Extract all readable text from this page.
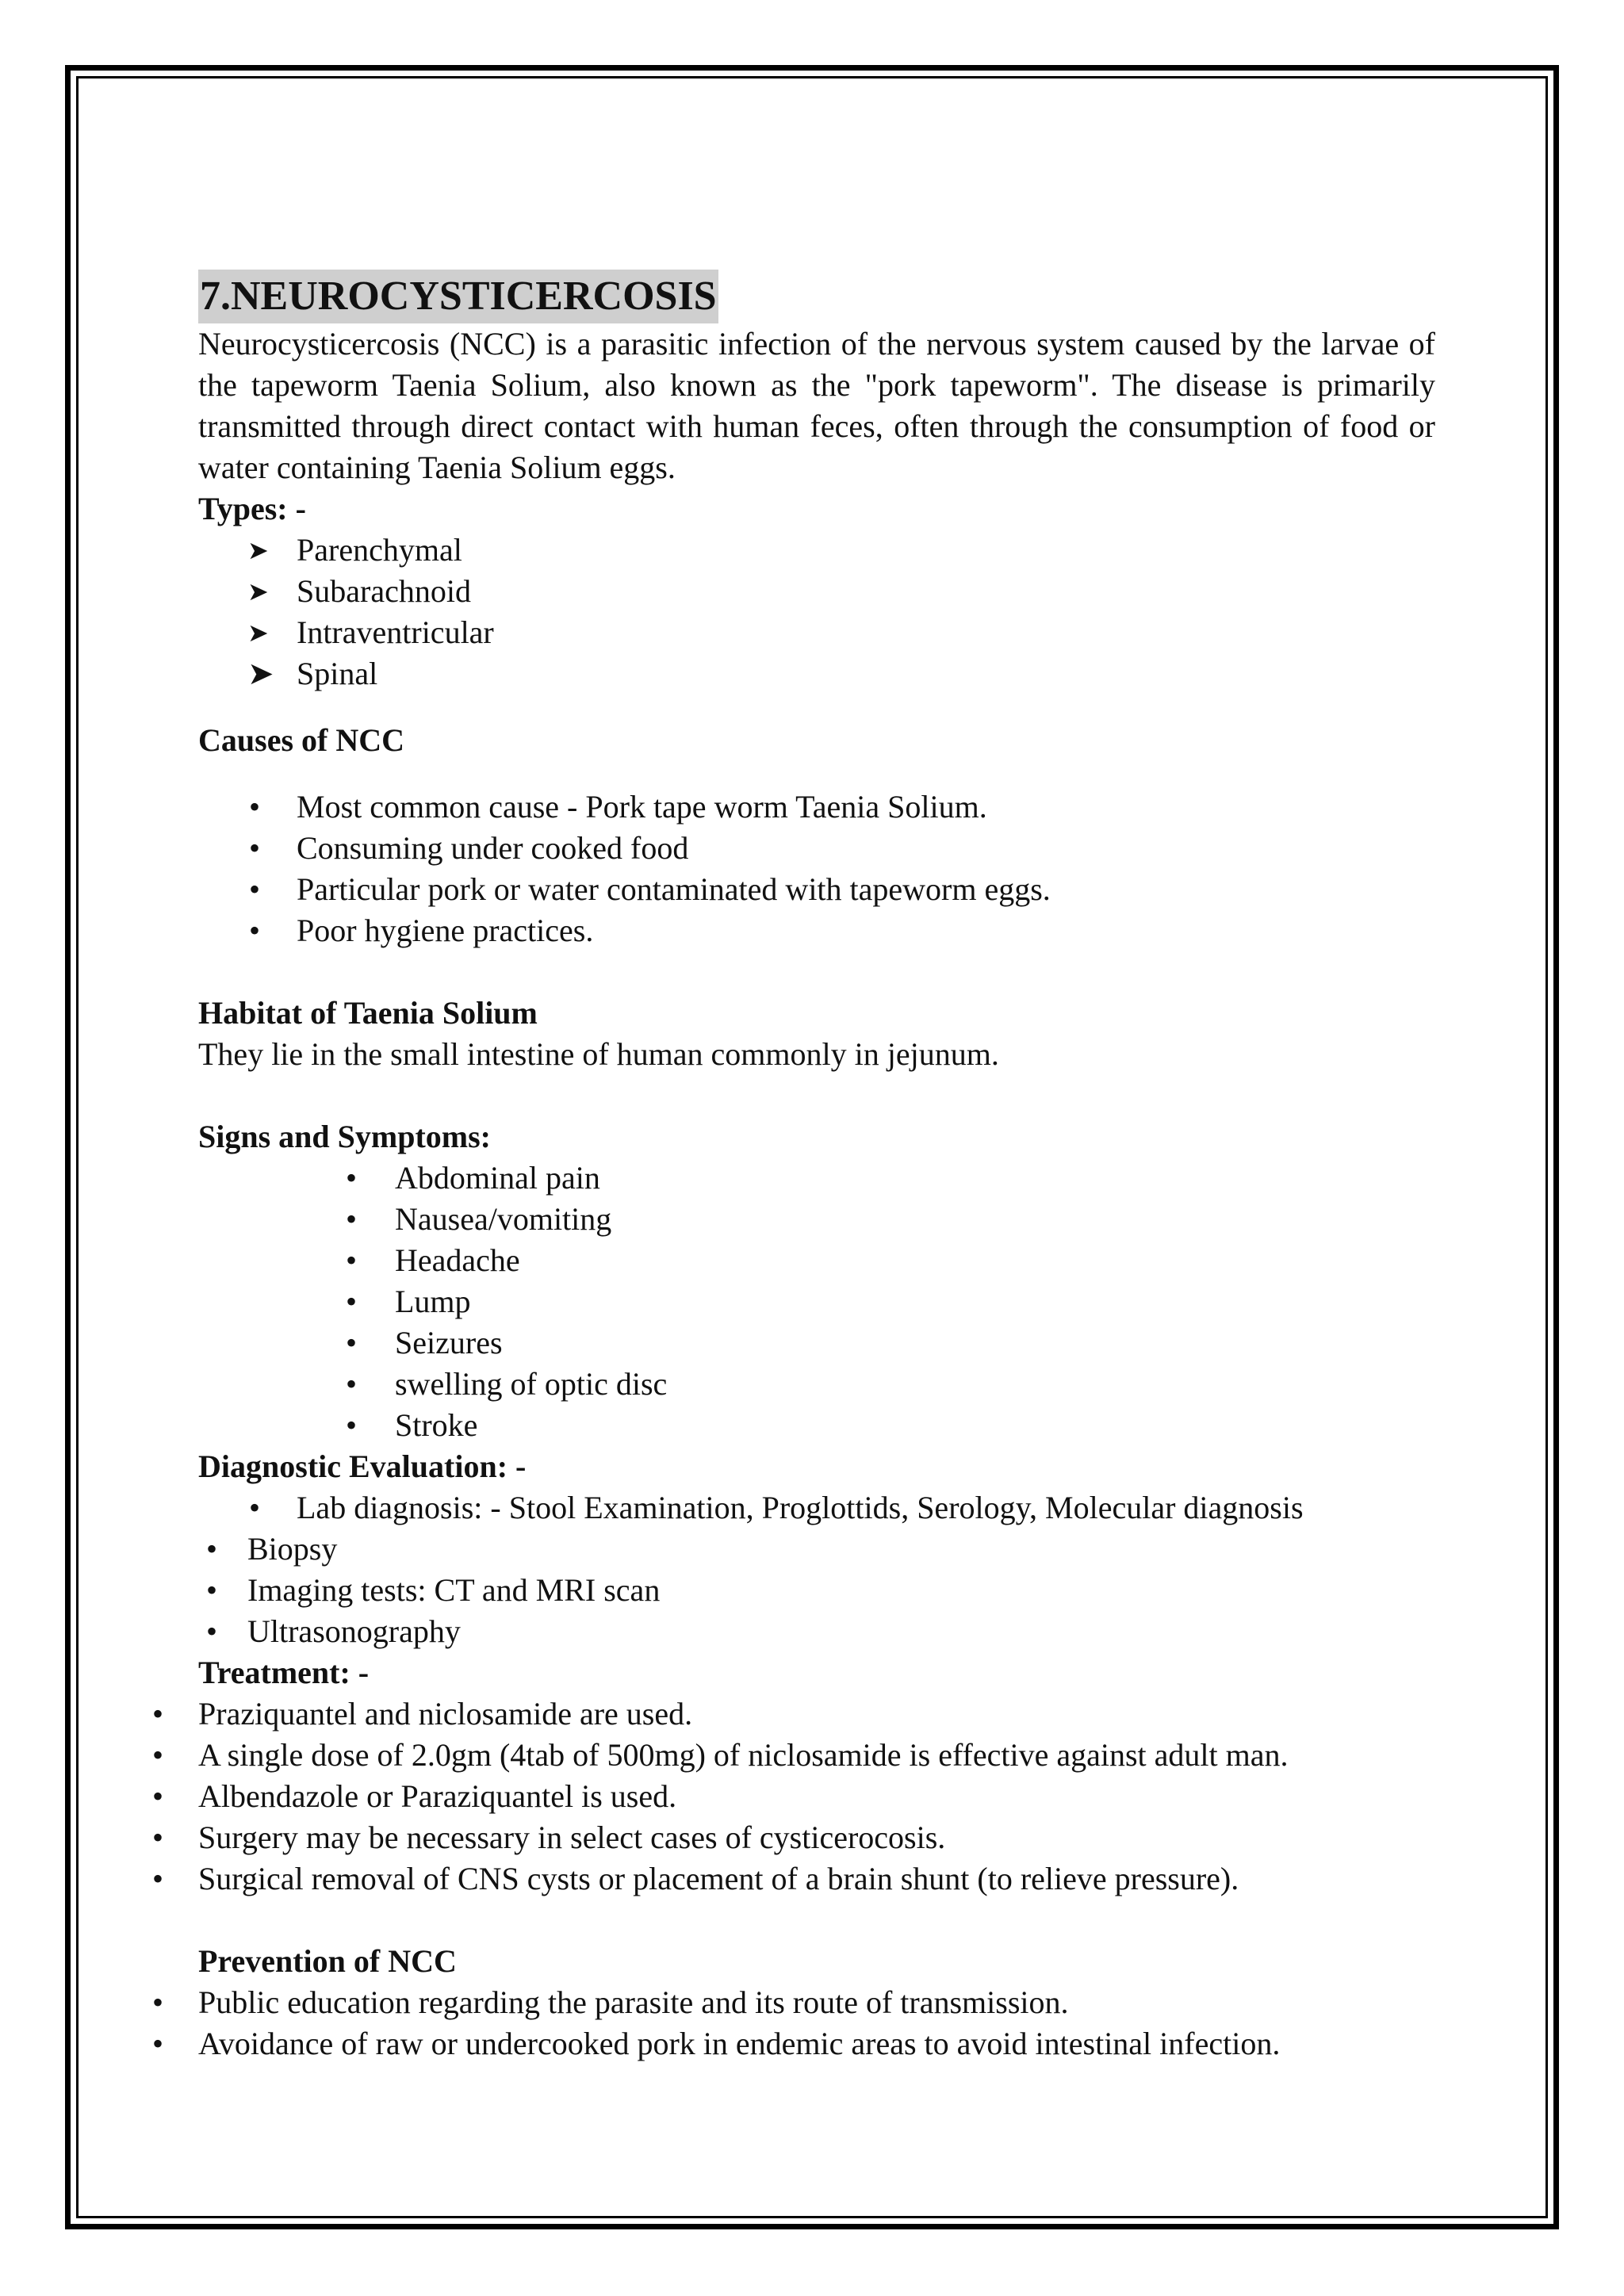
7.NEUROCYSTICERCOSIS

Neurocysticercosis (NCC) is a parasitic infection of the nervous system caused by the larvae of the tapeworm Taenia Solium, also known as the "pork tapeworm". The disease is primarily transmitted through direct contact with human feces, often through the consumption of food or water containing Taenia Solium eggs.

Types: -
➤ Parenchymal
➤ Subarachnoid
➤ Intraventricular
➤ Spinal
Causes of NCC
• Most common cause - Pork tape worm Taenia Solium.
• Consuming under cooked food
• Particular pork or water contaminated with tapeworm eggs.
• Poor hygiene practices.
Habitat of Taenia Solium

They lie in the small intestine of human commonly in jejunum.

Signs and Symptoms:
• Abdominal pain
• Nausea/vomiting
• Headache
• Lump
• Seizures
• swelling of optic disc
• Stroke
Diagnostic Evaluation: -
• Lab diagnosis: - Stool Examination, Proglottids, Serology, Molecular diagnosis
• Biopsy
• Imaging tests: CT and MRI scan
• Ultrasonography
Treatment: -
• Praziquantel and niclosamide are used.
• A single dose of 2.0gm (4tab of 500mg) of niclosamide is effective against adult man.
• Albendazole or Paraziquantel is used.
• Surgery may be necessary in select cases of cysticerocosis.
• Surgical removal of CNS cysts or placement of a brain shunt (to relieve pressure).
Prevention of NCC
• Public education regarding the parasite and its route of transmission.
• Avoidance of raw or undercooked pork in endemic areas to avoid intestinal infection.
